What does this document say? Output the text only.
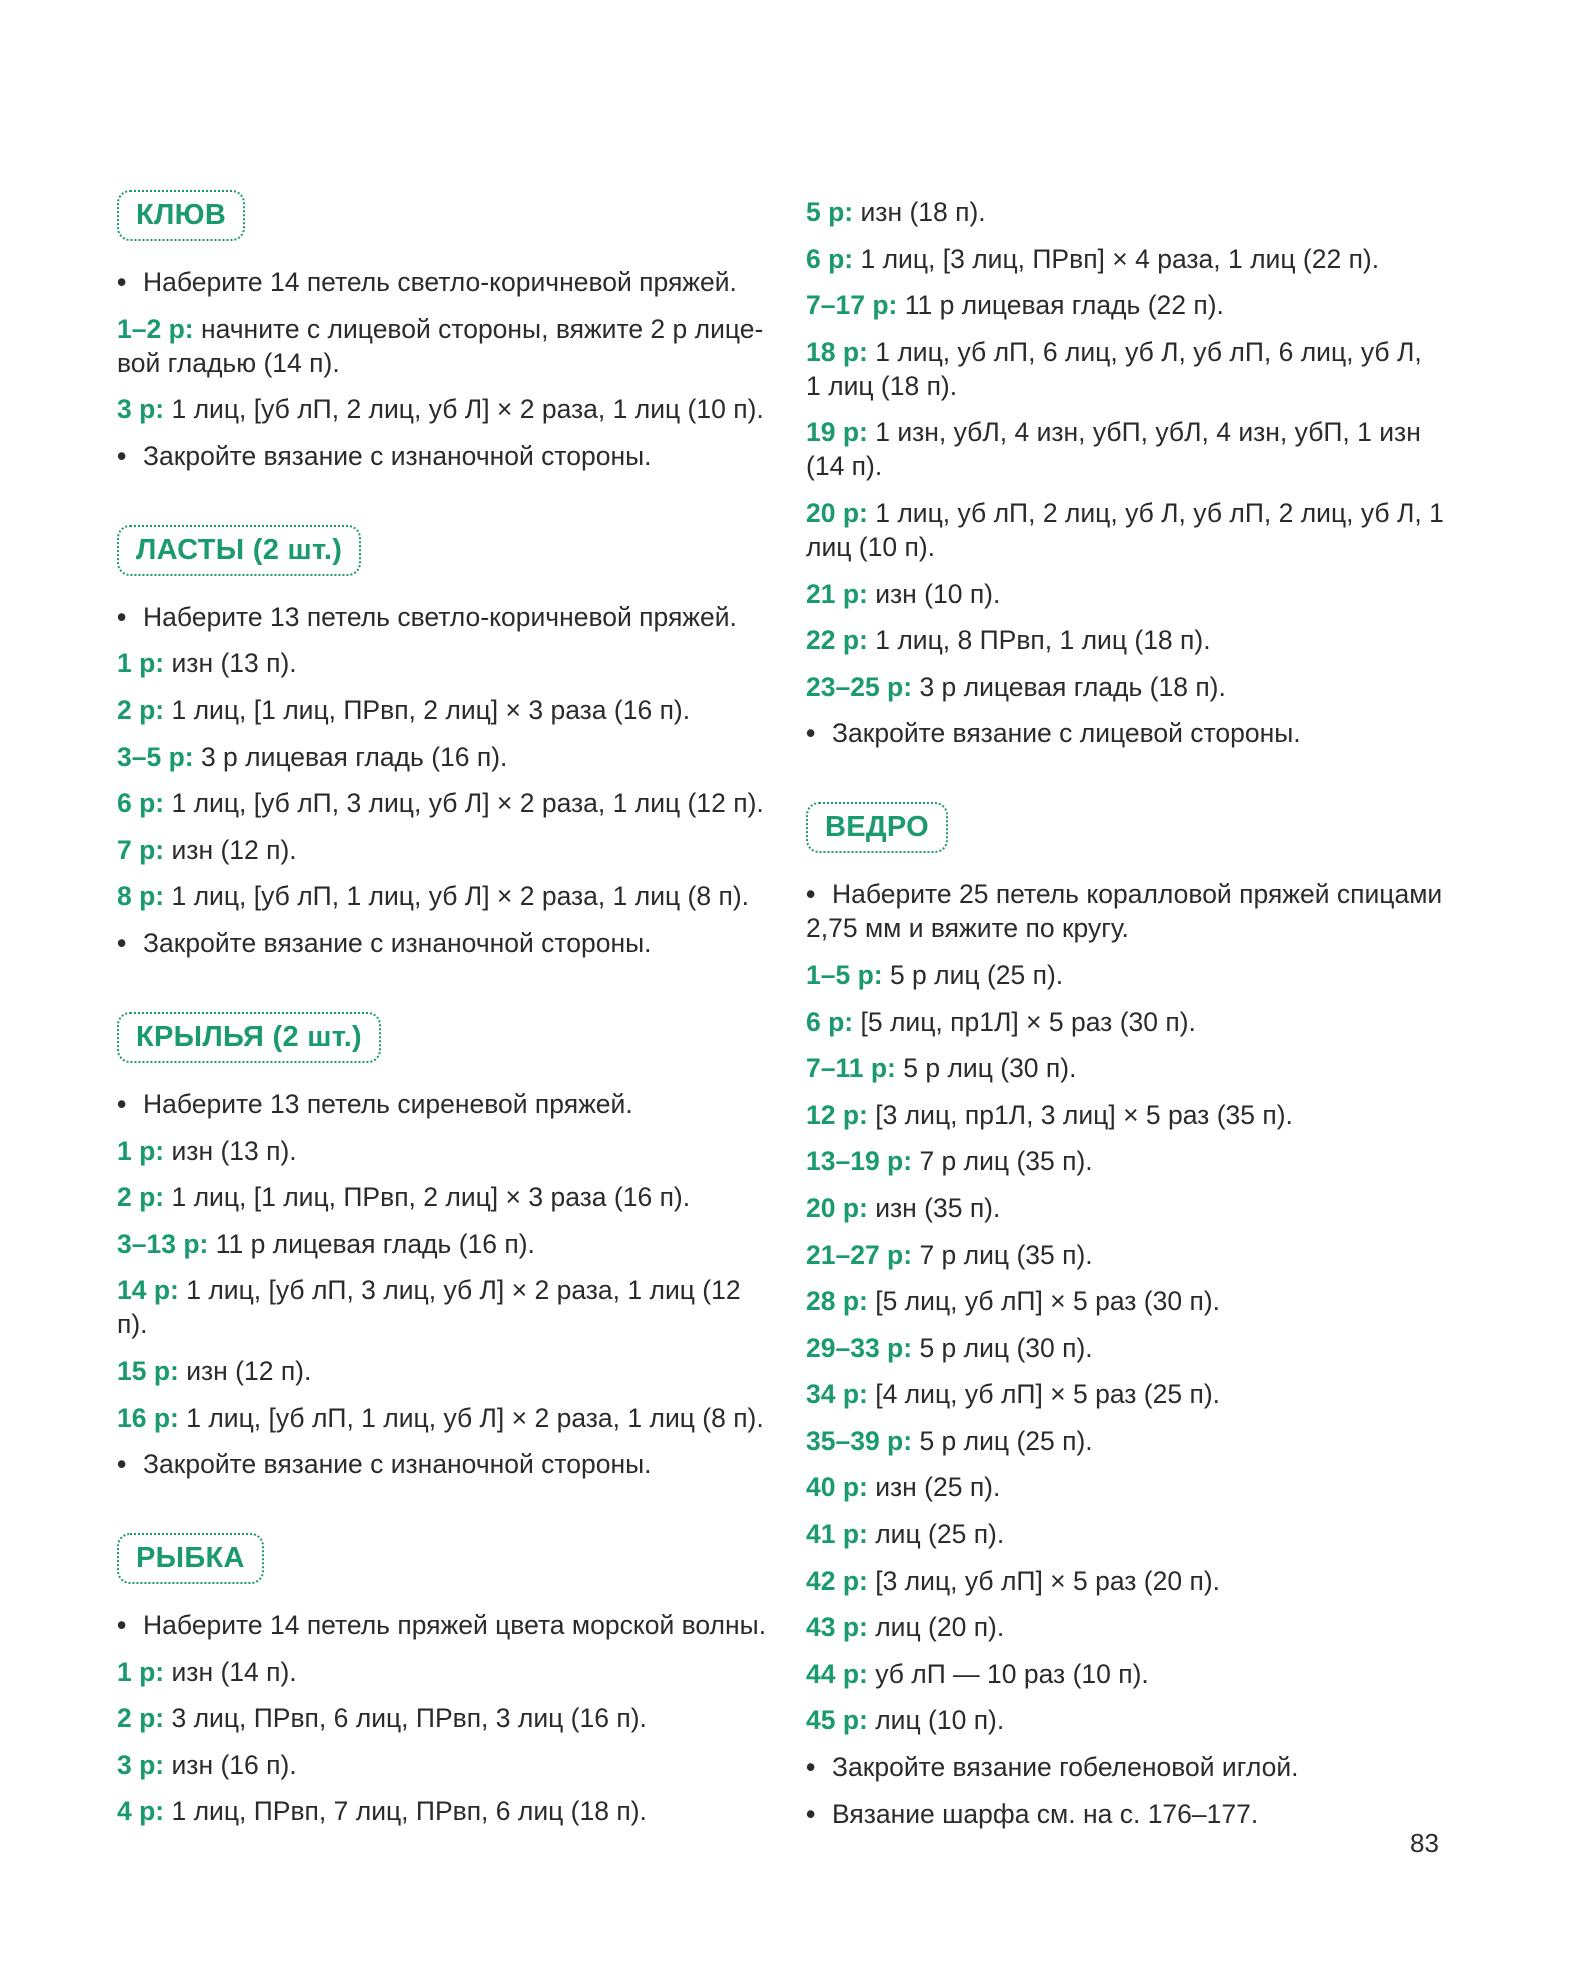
КЛЮВ
• Наберите 14 петель светло-коричневой пряжей.
1–2 р: начните с лицевой стороны, вяжите 2 р лице-
вой гладью (14 п).
3 р: 1 лиц, [уб лП, 2 лиц, уб Л] × 2 раза, 1 лиц (10 п).
• Закройте вязание с изнаночной стороны.
ЛАСТЫ (2 шт.)
• Наберите 13 петель светло-коричневой пряжей.
1 р: изн (13 п).
2 р: 1 лиц, [1 лиц, ПРвп, 2 лиц] × 3 раза (16 п).
3–5 р: 3 р лицевая гладь (16 п).
6 р: 1 лиц, [уб лП, 3 лиц, уб Л] × 2 раза, 1 лиц (12 п).
7 р: изн (12 п).
8 р: 1 лиц, [уб лП, 1 лиц, уб Л] × 2 раза, 1 лиц (8 п).
• Закройте вязание с изнаночной стороны.
КРЫЛЬЯ (2 шт.)
• Наберите 13 петель сиреневой пряжей.
1 р: изн (13 п).
2 р: 1 лиц, [1 лиц, ПРвп, 2 лиц] × 3 раза (16 п).
3–13 р: 11 р лицевая гладь (16 п).
14 р: 1 лиц, [уб лП, 3 лиц, уб Л] × 2 раза, 1 лиц (12 п).
15 р: изн (12 п).
16 р: 1 лиц, [уб лП, 1 лиц, уб Л] × 2 раза, 1 лиц (8 п).
• Закройте вязание с изнаночной стороны.
РЫБКА
• Наберите 14 петель пряжей цвета морской волны.
1 р: изн (14 п).
2 р: 3 лиц, ПРвп, 6 лиц, ПРвп, 3 лиц (16 п).
3 р: изн (16 п).
4 р: 1 лиц, ПРвп, 7 лиц, ПРвп, 6 лиц (18 п).
5 р: изн (18 п).
6 р: 1 лиц, [3 лиц, ПРвп] × 4 раза, 1 лиц (22 п).
7–17 р: 11 р лицевая гладь (22 п).
18 р: 1 лиц, уб лП, 6 лиц, уб Л, уб лП, 6 лиц, уб Л,
1 лиц (18 п).
19 р: 1 изн, убЛ, 4 изн, убП, убЛ, 4 изн, убП, 1 изн (14 п).
20 р: 1 лиц, уб лП, 2 лиц, уб Л, уб лП, 2 лиц, уб Л, 1
лиц (10 п).
21 р: изн (10 п).
22 р: 1 лиц, 8 ПРвп, 1 лиц (18 п).
23–25 р: 3 р лицевая гладь (18 п).
• Закройте вязание с лицевой стороны.
ВЕДРО
• Наберите 25 петель коралловой пряжей спицами
2,75 мм и вяжите по кругу.
1–5 р: 5 р лиц (25 п).
6 р: [5 лиц, пр1Л] × 5 раз (30 п).
7–11 р: 5 р лиц (30 п).
12 р: [3 лиц, пр1Л, 3 лиц] × 5 раз (35 п).
13–19 р: 7 р лиц (35 п).
20 р: изн (35 п).
21–27 р: 7 р лиц (35 п).
28 р: [5 лиц, уб лП] × 5 раз (30 п).
29–33 р: 5 р лиц (30 п).
34 р: [4 лиц, уб лП] × 5 раз (25 п).
35–39 р: 5 р лиц (25 п).
40 р: изн (25 п).
41 р: лиц (25 п).
42 р: [3 лиц, уб лП] × 5 раз (20 п).
43 р: лиц (20 п).
44 р: уб лП — 10 раз (10 п).
45 р: лиц (10 п).
• Закройте вязание гобеленовой иглой.
• Вязание шарфа см. на с. 176–177.
83
